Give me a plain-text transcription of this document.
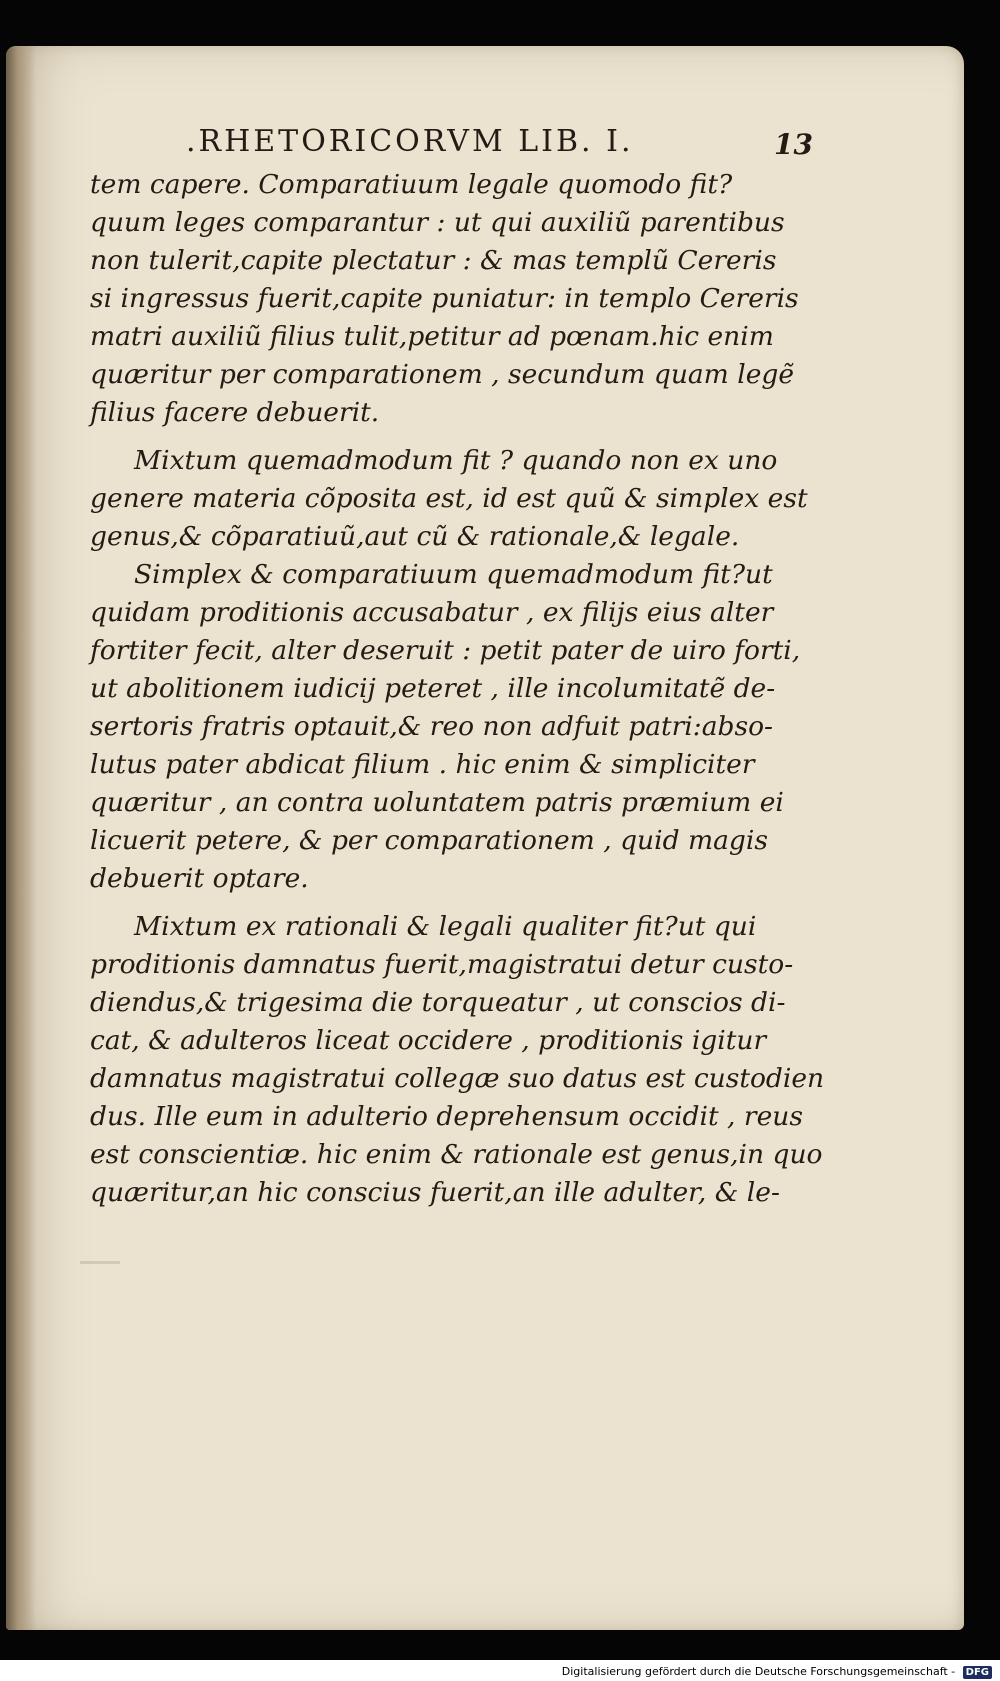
.RHETORICORVM LIB. I.	13
tem capere. Comparatiuum legale quomodo fit?
quum leges comparantur : ut qui auxiliũ parentibus
non tulerit,capite plectatur : & mas templũ Cereris
si ingressus fuerit,capite puniatur: in templo Cereris
matri auxiliũ filius tulit,petitur ad pœnam.hic enim
quæritur per comparationem , secundum quam legẽ
filius facere debuerit.
Mixtum quemadmodum fit ? quando non ex uno
genere materia cõposita est, id est quũ & simplex est
genus,& cõparatiuũ,aut cũ & rationale,& legale.
Simplex & comparatiuum quemadmodum fit?ut
quidam proditionis accusabatur , ex filijs eius alter
fortiter fecit, alter deseruit : petit pater de uiro forti,
ut abolitionem iudicij peteret , ille incolumitatẽ de-
sertoris fratris optauit,& reo non adfuit patri:abso-
lutus pater abdicat filium . hic enim & simpliciter
quæritur , an contra uoluntatem patris præmium ei
licuerit petere, & per comparationem , quid magis
debuerit optare.
Mixtum ex rationali & legali qualiter fit?ut qui
proditionis damnatus fuerit,magistratui detur custo-
diendus,& trigesima die torqueatur , ut conscios di-
cat, & adulteros liceat occidere , proditionis igitur
damnatus magistratui collegæ suo datus est custodien
dus. Ille eum in adulterio deprehensum occidit , reus
est conscientiæ. hic enim & rationale est genus,in quo
quæritur,an hic conscius fuerit,an ille adulter, & le-
Digitalisierung gefördert durch die Deutsche Forschungsgemeinschaft - DFG
